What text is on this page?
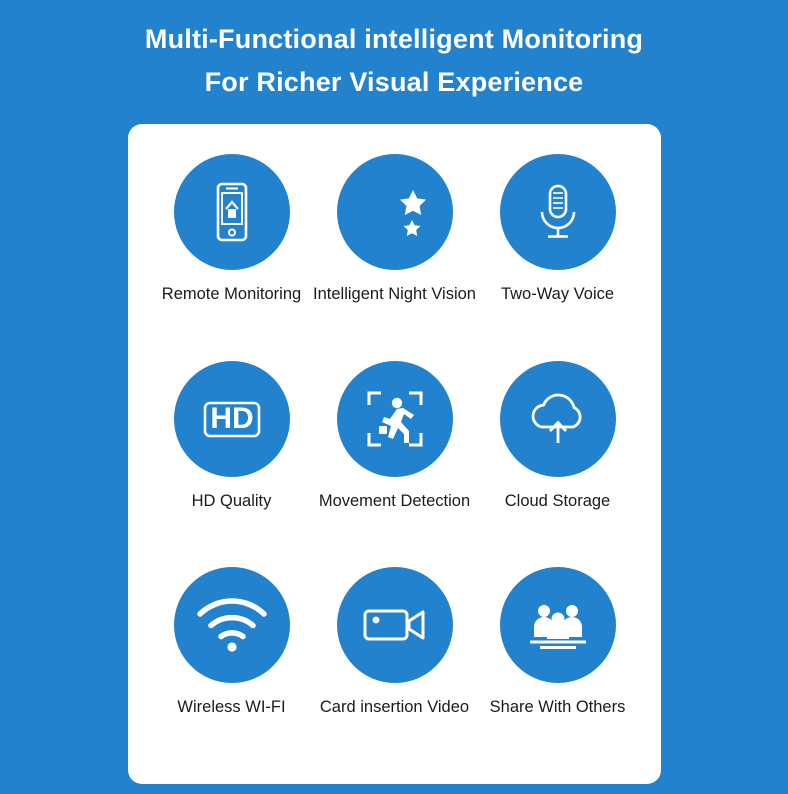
Multi-Functional intelligent Monitoring
For Richer Visual Experience
Remote Monitoring Intelligent Night Vision Two-Way Voice
HD
HD Quality	Movement Detection Cloud Storage
Wireless WI-FI Card insertion Video Share With Others
